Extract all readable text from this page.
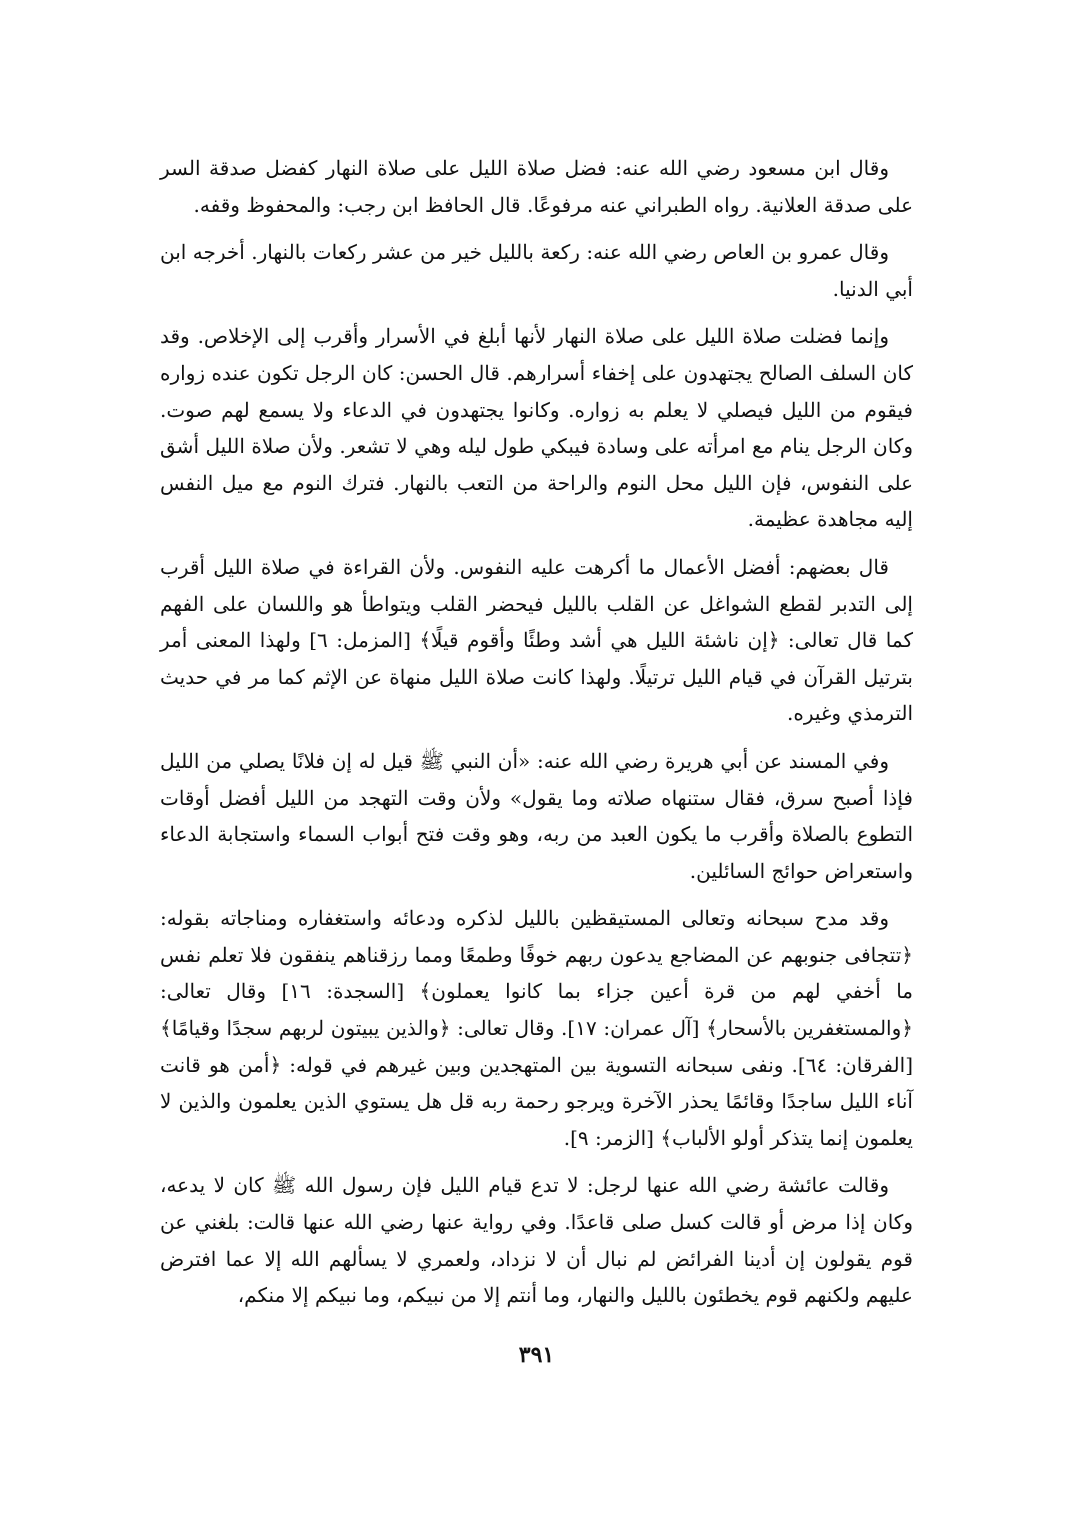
وقال ابن مسعود رضي الله عنه: فضل صلاة الليل على صلاة النهار كفضل صدقة السر على صدقة العلانية. رواه الطبراني عنه مرفوعًا. قال الحافظ ابن رجب: والمحفوظ وقفه.

وقال عمرو بن العاص رضي الله عنه: ركعة بالليل خير من عشر ركعات بالنهار. أخرجه ابن أبي الدنيا.

وإنما فضلت صلاة الليل على صلاة النهار لأنها أبلغ في الأسرار وأقرب إلى الإخلاص. وقد كان السلف الصالح يجتهدون على إخفاء أسرارهم. قال الحسن: كان الرجل تكون عنده زواره فيقوم من الليل فيصلي لا يعلم به زواره. وكانوا يجتهدون في الدعاء ولا يسمع لهم صوت. وكان الرجل ينام مع امرأته على وسادة فيبكي طول ليله وهي لا تشعر. ولأن صلاة الليل أشق على النفوس، فإن الليل محل النوم والراحة من التعب بالنهار. فترك النوم مع ميل النفس إليه مجاهدة عظيمة.

قال بعضهم: أفضل الأعمال ما أكرهت عليه النفوس. ولأن القراءة في صلاة الليل أقرب إلى التدبر لقطع الشواغل عن القلب بالليل فيحضر القلب ويتواطأ هو واللسان على الفهم كما قال تعالى: ﴿إن ناشئة الليل هي أشد وطئًا وأقوم قيلًا﴾ [المزمل: ٦] ولهذا المعنى أمر بترتيل القرآن في قيام الليل ترتيلًا. ولهذا كانت صلاة الليل منهاة عن الإثم كما مر في حديث الترمذي وغيره.

وفي المسند عن أبي هريرة رضي الله عنه: «أن النبي ﷺ قيل له إن فلانًا يصلي من الليل فإذا أصبح سرق، فقال ستنهاه صلاته وما يقول» ولأن وقت التهجد من الليل أفضل أوقات التطوع بالصلاة وأقرب ما يكون العبد من ربه، وهو وقت فتح أبواب السماء واستجابة الدعاء واستعراض حوائج السائلين.

وقد مدح سبحانه وتعالى المستيقظين بالليل لذكره ودعائه واستغفاره ومناجاته بقوله: ﴿تتجافى جنوبهم عن المضاجع يدعون ربهم خوفًا وطمعًا ومما رزقناهم ينفقون فلا تعلم نفس ما أخفي لهم من قرة أعين جزاء بما كانوا يعملون﴾ [السجدة: ١٦] وقال تعالى: ﴿والمستغفرين بالأسحار﴾ [آل عمران: ١٧]. وقال تعالى: ﴿والذين يبيتون لربهم سجدًا وقيامًا﴾ [الفرقان: ٦٤]. ونفى سبحانه التسوية بين المتهجدين وبين غيرهم في قوله: ﴿أمن هو قانت آناء الليل ساجدًا وقائمًا يحذر الآخرة ويرجو رحمة ربه قل هل يستوي الذين يعلمون والذين لا يعلمون إنما يتذكر أولو الألباب﴾ [الزمر: ٩].

وقالت عائشة رضي الله عنها لرجل: لا تدع قيام الليل فإن رسول الله ﷺ كان لا يدعه، وكان إذا مرض أو قالت كسل صلى قاعدًا. وفي رواية عنها رضي الله عنها قالت: بلغني عن قوم يقولون إن أدينا الفرائض لم نبال أن لا نزداد، ولعمري لا يسألهم الله إلا عما افترض عليهم ولكنهم قوم يخطئون بالليل والنهار، وما أنتم إلا من نبيكم، وما نبيكم إلا منكم،

٣٩١
